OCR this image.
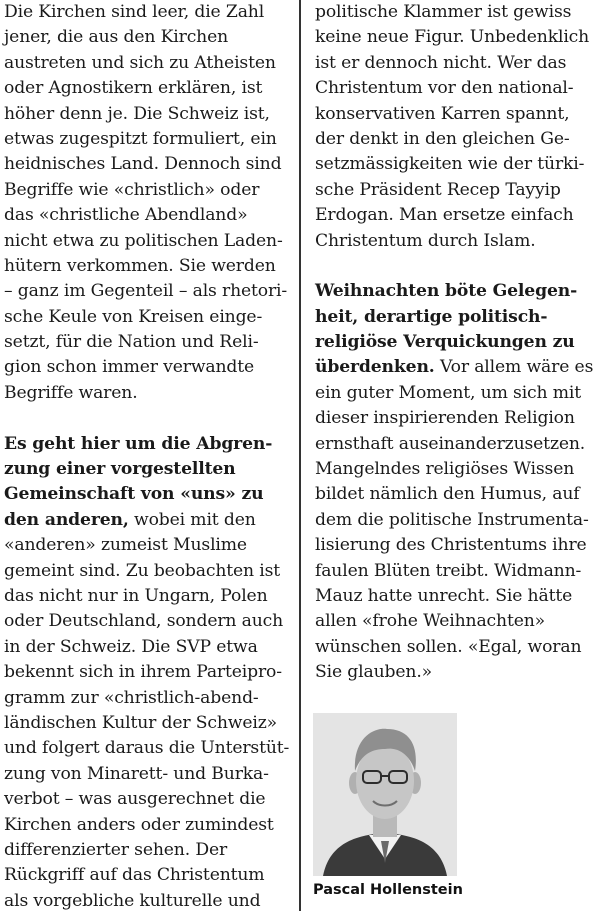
Die Kirchen sind leer, die Zahl
jener, die aus den Kirchen
austreten und sich zu Atheisten
oder Agnostikern erklären, ist
höher denn je. Die Schweiz ist,
etwas zugespitzt formuliert, ein
heidnisches Land. Dennoch sind
Begriffe wie «christlich» oder
das «christliche Abendland»
nicht etwa zu politischen Laden-
hütern verkommen. Sie werden
– ganz im Gegenteil – als rhetori-
sche Keule von Kreisen einge-
setzt, für die Nation und Reli-
gion schon immer verwandte
Begriffe waren.
Es geht hier um die Abgren-
zung einer vorgestellten
Gemeinschaft von «uns» zu
den anderen, wobei mit den
«anderen» zumeist Muslime
gemeint sind. Zu beobachten ist
das nicht nur in Ungarn, Polen
oder Deutschland, sondern auch
in der Schweiz. Die SVP etwa
bekennt sich in ihrem Parteipro-
gramm zur «christlich-abend-
ländischen Kultur der Schweiz»
und folgert daraus die Unterstüt-
zung von Minarett- und Burka-
verbot – was ausgerechnet die
Kirchen anders oder zumindest
differenzierter sehen. Der
Rückgriff auf das Christentum
als vorgebliche kulturelle und
politische Klammer ist gewiss
keine neue Figur. Unbedenklich
ist er dennoch nicht. Wer das
Christentum vor den national-
konservativen Karren spannt,
der denkt in den gleichen Ge-
setzmässigkeiten wie der türki-
sche Präsident Recep Tayyip
Erdogan. Man ersetze einfach
Christentum durch Islam.
Weihnachten böte Gelegen-
heit, derartige politisch-
religiöse Verquickungen zu
überdenken. Vor allem wäre es
ein guter Moment, um sich mit
dieser inspirierenden Religion
ernsthaft auseinanderzusetzen.
Mangelndes religiöses Wissen
bildet nämlich den Humus, auf
dem die politische Instrumenta-
lisierung des Christentums ihre
faulen Blüten treibt. Widmann-
Mauz hatte unrecht. Sie hätte
allen «frohe Weihnachten»
wünschen sollen. «Egal, woran
Sie glauben.»
Pascal Hollenstein
